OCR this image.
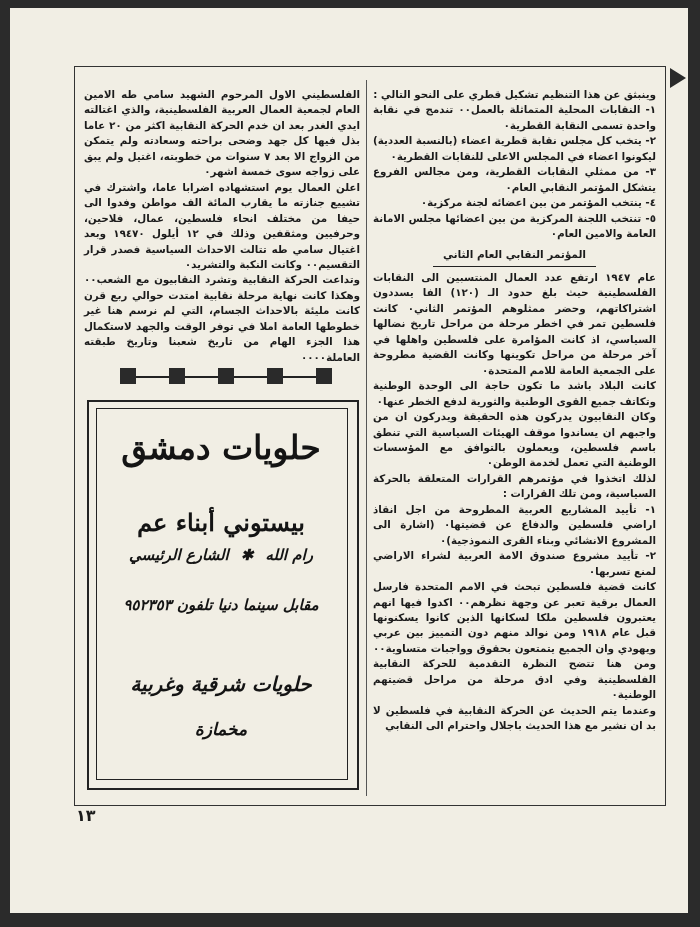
وينبثق عن هذا التنظيم تشكيل قطري على النحو التالي :

١- النقابات المحلية المتماثلة بالعمل٠٠ تندمج في نقابة واحدة تسمى النقابة القطرية٠

٢- يتخب كل مجلس نقابة قطرية اعضاء (بالنسبة العددية) ليكونوا اعضاء في المجلس الاعلى للنقابات القطرية٠

٣- من ممثلي النقابات القطرية، ومن مجالس الفروع يتشكل المؤتمر النقابي العام٠

٤- ينتخب المؤتمر من بين اعضائه لجنة مركزية٠

٥- تنتخب اللجنة المركزية من بين اعضائها مجلس الامانة العامة والامين العام٠

المؤتمر النقابي العام الثاني

عام ١٩٤٧ ارتفع عدد العمال المنتسبين الى النقابات الفلسطينية حيث بلغ حدود الـ (١٢٠) الفا يسددون اشتراكاتهم، وحضر ممثلوهم المؤتمر الثاني٠ كانت فلسطين تمر في اخطر مرحلة من مراحل تاريخ نضالها السياسي، اذ كانت المؤامرة على فلسطين واهلها في آخر مرحلة من مراحل تكوينها وكانت القضية مطروحة على الجمعية العامة للامم المتحدة٠

كانت البلاد باشد ما تكون حاجة الى الوحدة الوطنية وتكاتف جميع القوى الوطنية والثورية لدفع الخطر عنها٠

وكان النقابيون يدركون هذه الحقيقة ويدركون ان من واجبهم ان يساندوا موقف الهيئات السياسية التي تنطق باسم فلسطين، ويعملون بالتوافق مع المؤسسات الوطنية التي تعمل لخدمة الوطن٠

لذلك اتخذوا في مؤتمرهم القرارات المتعلقة بالحركة السياسية، ومن تلك القرارات :

١- تأييد المشاريع العربية المطروحة من اجل انقاذ اراضي فلسطين والدفاع عن قضيتها٠ (اشارة الى المشروع الانشائي وبناء القرى النموذجية)٠

٢- تأييد مشروع صندوق الامة العربية لشراء الاراضي لمنع تسربها٠

كانت قضية فلسطين تبحث في الامم المتحدة فارسل العمال برقية تعبر عن وجهة نظرهم٠٠ اكدوا فيها انهم يعتبرون فلسطين ملكا لسكانها الذين كانوا يسكنونها قبل عام ١٩١٨ ومن نوالد منهم دون التمييز بين عربي ويهودي وان الجميع يتمتعون بحقوق وواجبات متساوية٠٠ ومن هنا تتضح النظرة التقدمية للحركة النقابية الفلسطينية وفي ادق مرحلة من مراحل قضيتهم الوطنية٠

وعندما يتم الحديث عن الحركة النقابية في فلسطين لا بد ان نشير مع هذا الحديث باجلال واحترام الى النقابي

الفلسطيني الاول المرحوم الشهيد سامي طه الامين العام لجمعية العمال العربية الفلسطينية، والذي اغتالته ايدي الغدر بعد ان خدم الحركة النقابية اكثر من ٢٠ عاما بذل فيها كل جهد وضحى براحته وسعادته ولم يتمكن من الزواج الا بعد ٧ سنوات من خطوبته، اغتيل ولم يبق على زواجه سوى خمسة اشهر٠

اعلن العمال يوم استشهاده اضرابا عاما، واشترك في تشييع جنازته ما يقارب المائة الف مواطن وفدوا الى حيفا من مختلف انحاء فلسطين، عمال، فلاحين، وحرفيين ومثقفين وذلك في ١٢ أيلول ١٩٤٧٠ وبعد اغتيال سامي طه تتالت الاحداث السياسية فصدر قرار التقسيم٠٠ وكانت النكبة والتشريد٠

وتداعت الحركة النقابية وتشرد النقابيون مع الشعب٠٠ وهكذا كانت نهاية مرحلة نقابية امتدت حوالي ربع قرن كانت مليئة بالاحداث الجسام، التي لم نرسم هنا غير خطوطها العامة املا في توفر الوقت والجهد لاستكمال هذا الجزء الهام من تاريخ شعبنا وتاريخ طبقته العاملة٠٠٠٠

حلويات دمشق
بيستوني أبناء عم
رام الله✱الشارع الرئيسي
مقابل سينما دنيا تلفون ٩٥٢٣٥٣
حلويات شرقية وغربية
مخمازة
١٣
